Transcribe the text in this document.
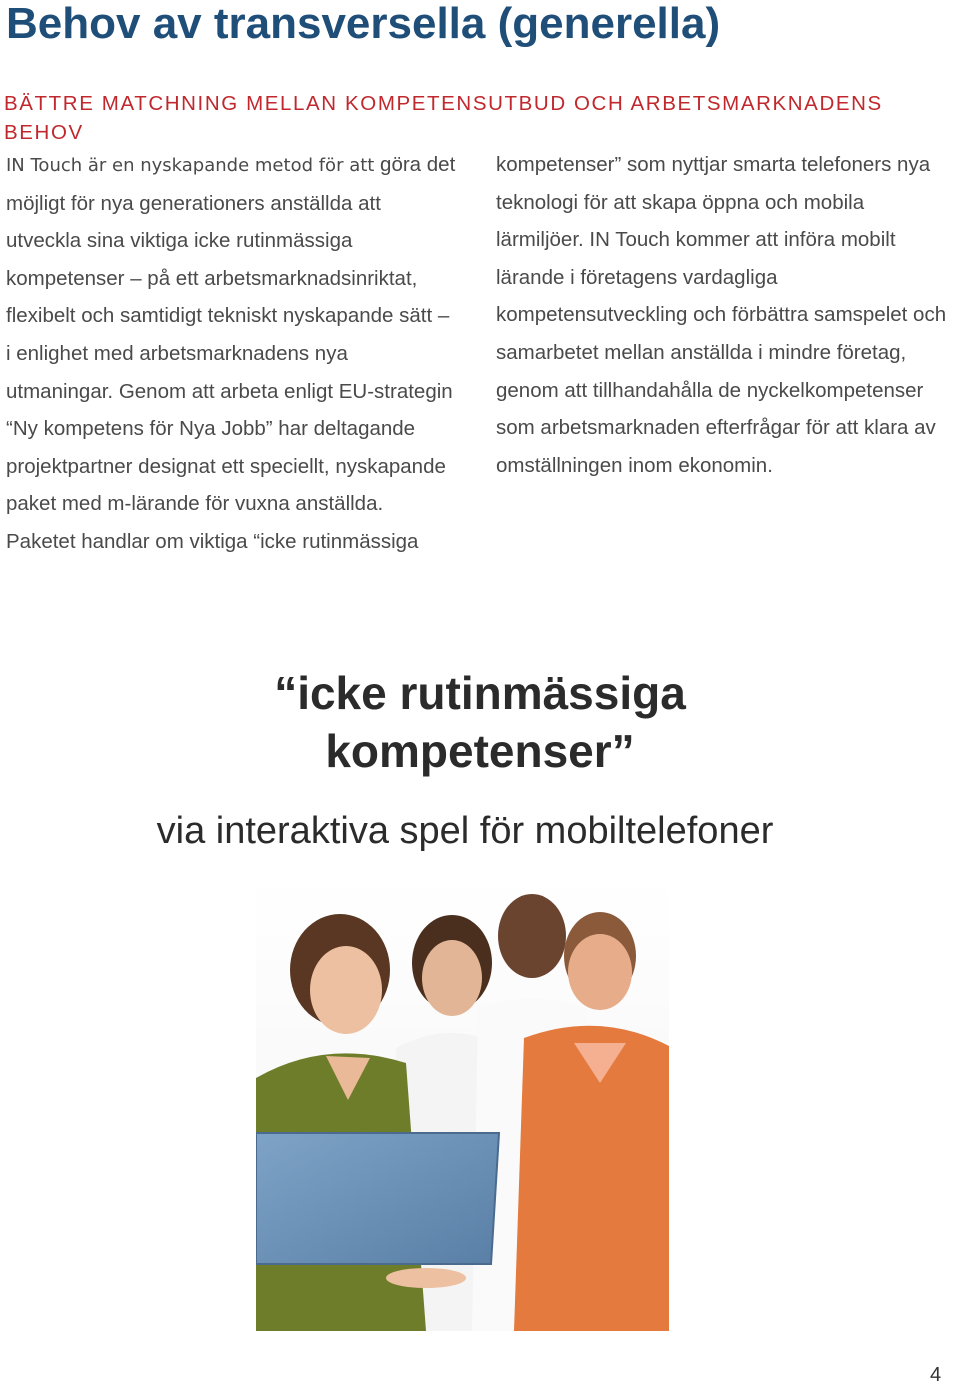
Behov av transversella (generella)
BÄTTRE MATCHNING MELLAN KOMPETENSUTBUD OCH ARBETSMARKNADENS BEHOV

IN Touch är en nyskapande metod för att göra det möjligt för nya generationers anställda att utveckla sina viktiga icke rutinmässiga kompetenser – på ett arbetsmarknadsinriktat, flexibelt och samtidigt tekniskt nyskapande sätt – i enlighet med arbetsmarknadens nya utmaningar. Genom att arbeta enligt EU-strategin “Ny kompetens för Nya Jobb” har deltagande projektpartner designat ett speciellt, nyskapande paket med m-lärande för vuxna anställda. Paketet handlar om viktiga “icke rutinmässiga

kompetenser” som nyttjar smarta telefoners nya teknologi för att skapa öppna och mobila lärmiljöer. IN Touch kommer att införa mobilt lärande i företagens vardagliga kompetensutveckling och förbättra samspelet och samarbetet mellan anställda i mindre företag, genom att tillhandahålla de nyckelkompetenser som arbetsmarknaden efterfrågar för att klara av omställningen inom ekonomin.

“icke rutinmässiga
kompetenser”

via interaktiva spel för mobiltelefoner

4
